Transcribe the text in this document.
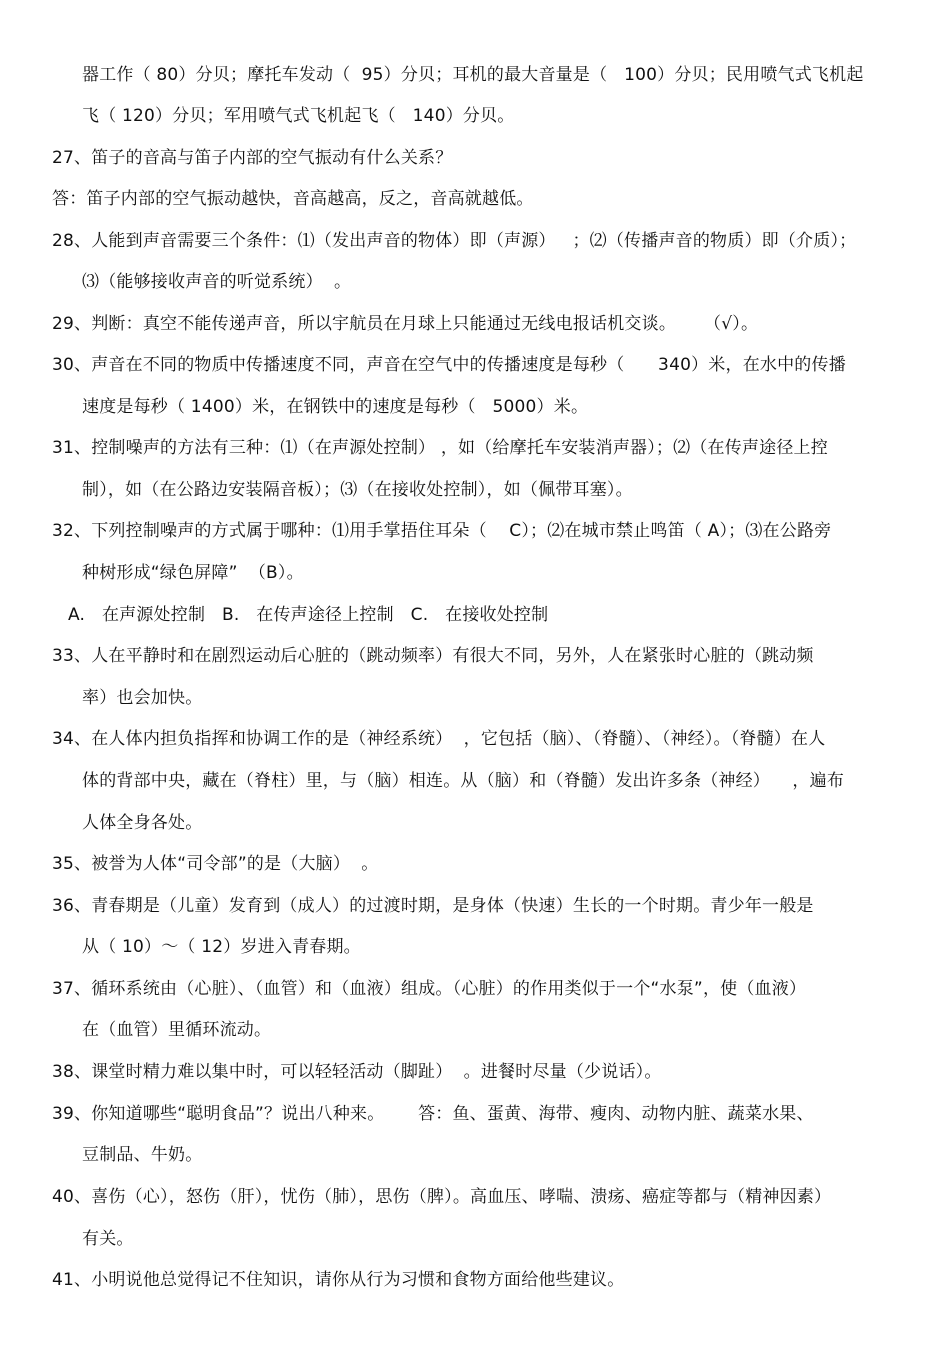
器工作（ 80）分贝；摩托车发动（  95）分贝；耳机的最大音量是（   100）分贝；民用喷气式飞机起
飞（ 120）分贝；军用喷气式飞机起飞（   140）分贝。
27、笛子的音高与笛子内部的空气振动有什么关系？
答：笛子内部的空气振动越快，音高越高，反之，音高就越低。
28、人能到声音需要三个条件：⑴（发出声音的物体）即（声源）   ；⑵（传播声音的物质）即（介质）；
⑶（能够接收声音的听觉系统）  。
29、判断：真空不能传递声音，所以宇航员在月球上只能通过无线电报话机交谈。     （√）。
30、声音在不同的物质中传播速度不同，声音在空气中的传播速度是每秒（      340）米，在水中的传播
速度是每秒（ 1400）米，在钢铁中的速度是每秒（   5000）米。
31、控制噪声的方法有三种：⑴（在声源处控制） ，如（给摩托车安装消声器）；⑵（在传声途径上控
制），如（在公路边安装隔音板）；⑶（在接收处控制），如（佩带耳塞）。
32、下列控制噪声的方式属于哪种：⑴用手掌捂住耳朵（    C）；⑵在城市禁止鸣笛（ A）；⑶在公路旁
种树形成“绿色屏障”  （B）。
A.   在声源处控制   B.   在传声途径上控制   C.   在接收处控制
33、人在平静时和在剧烈运动后心脏的（跳动频率）有很大不同，另外，人在紧张时心脏的（跳动频
率）也会加快。
34、在人体内担负指挥和协调工作的是（神经系统）  ，它包括（脑）、（脊髓）、（神经）。（脊髓）在人
体的背部中央，藏在（脊柱）里，与（脑）相连。从（脑）和（脊髓）发出许多条（神经）    ，遍布
人体全身各处。
35、被誉为人体“司令部”的是（大脑）  。
36、青春期是（儿童）发育到（成人）的过渡时期，是身体（快速）生长的一个时期。青少年一般是
从（ 10）～（ 12）岁进入青春期。
37、循环系统由（心脏）、（血管）和（血液）组成。（心脏）的作用类似于一个“水泵”，使（血液）
在（血管）里循环流动。
38、课堂时精力难以集中时，可以轻轻活动（脚趾）  。进餐时尽量（少说话）。
39、你知道哪些“聪明食品”？说出八种来。      答：鱼、蛋黄、海带、瘦肉、动物内脏、蔬菜水果、
豆制品、牛奶。
40、喜伤（心），怒伤（肝），忧伤（肺），思伤（脾）。高血压、哮喘、溃疡、癌症等都与（精神因素）
有关。
41、小明说他总觉得记不住知识，请你从行为习惯和食物方面给他些建议。
